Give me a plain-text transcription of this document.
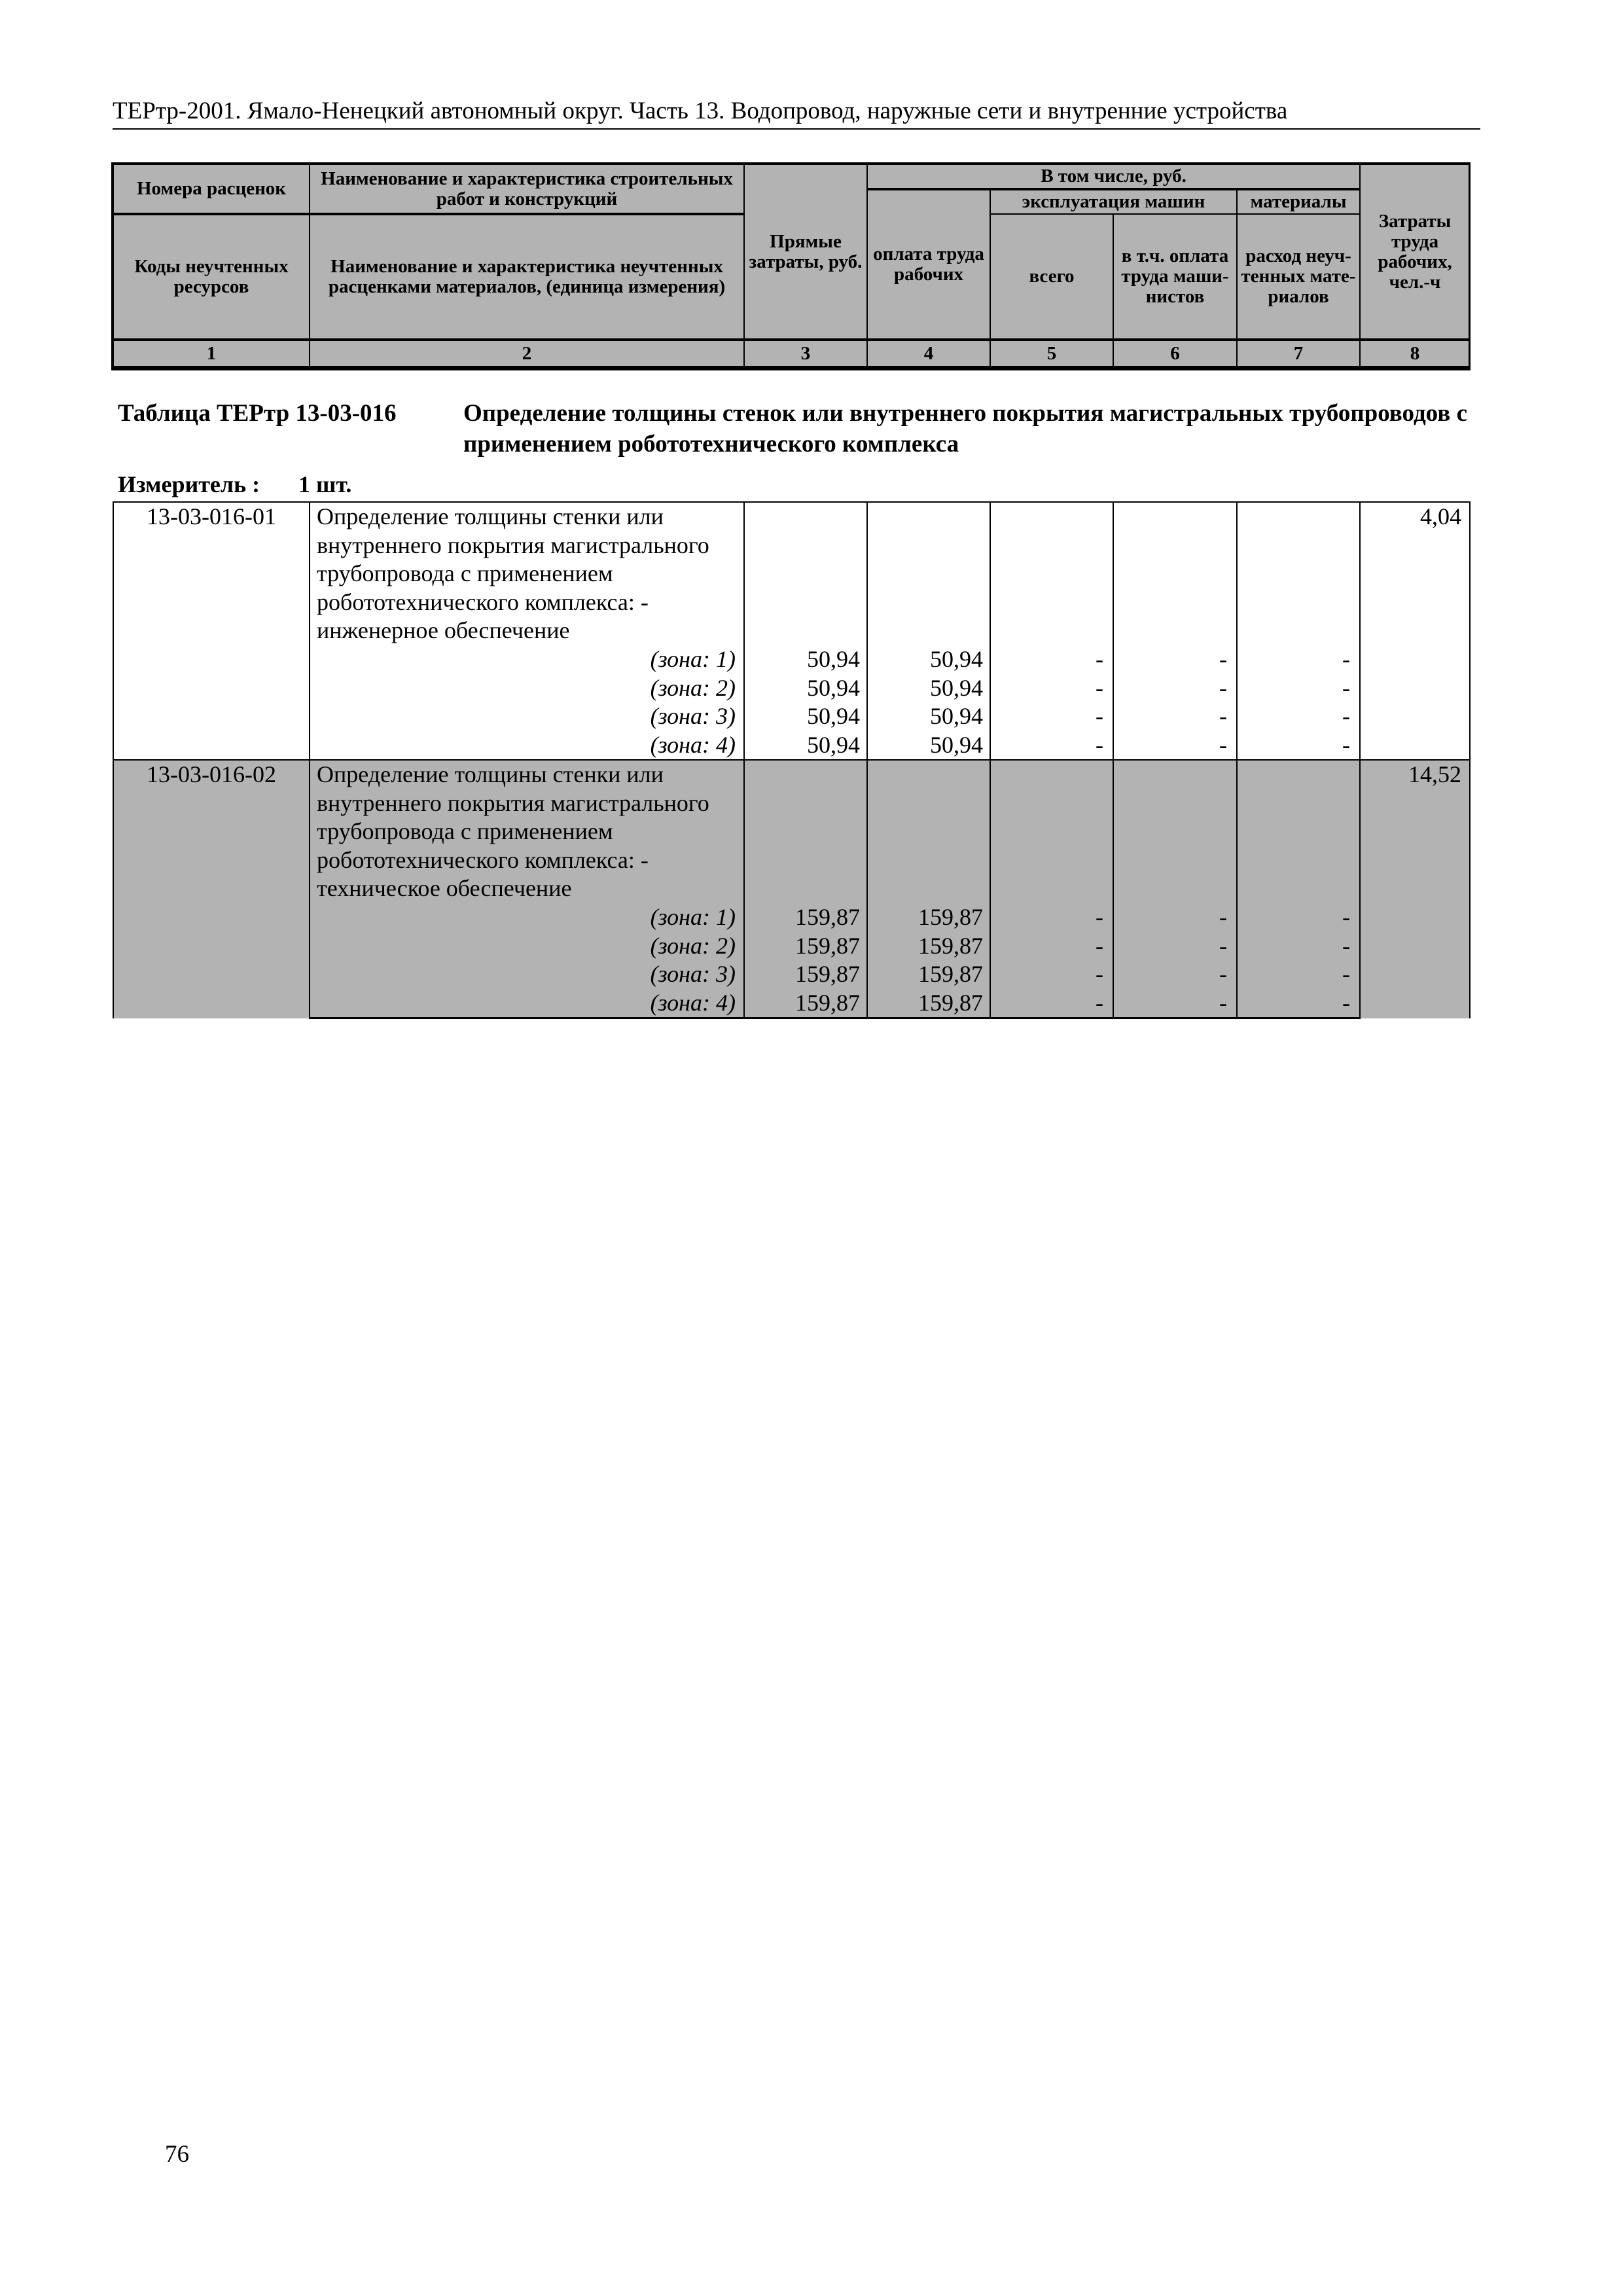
ТЕРтр-2001. Ямало-Ненецкий автономный округ. Часть 13. Водопровод, наружные сети и внутренние устройства
Номера расценок	Наименование и характеристика строительных работ и конструкций	Прямые затраты, руб.	В том числе, руб.				Затраты труда рабочих, чел.-ч
			оплата труда рабочих	эксплуатация машин		материалы	
Коды неучтенных ресурсов	Наименование и характеристика неучтенных расценками материалов, (единица измерения)			всего	в т.ч. оплата труда маши-нистов	расход неуч-тенных мате-риалов	

1	2	3	4	5	6	7	8
Таблица ТЕРтр 13-03-016	Определение толщины стенок или внутреннего покрытия магистральных трубопроводов с применением робототехнического комплекса
Измеритель : 1 шт.
13-03-016-01	Определение толщины стенки или внутреннего покрытия магистрального трубопровода с применением робототехнического комплекса: - инженерное обеспечение						4,04
	(зона: 1)	50,94	50,94	-	-	-	
	(зона: 2)	50,94	50,94	-	-	-	
	(зона: 3)	50,94	50,94	-	-	-	
	(зона: 4)	50,94	50,94	-	-	-	
13-03-016-02	Определение толщины стенки или внутреннего покрытия магистрального трубопровода с применением робототехнического комплекса: - техническое обеспечение						14,52
	(зона: 1)	159,87	159,87	-	-	-	
	(зона: 2)	159,87	159,87	-	-	-	
	(зона: 3)	159,87	159,87	-	-	-	
	(зона: 4)	159,87	159,87	-	-	-	
76
